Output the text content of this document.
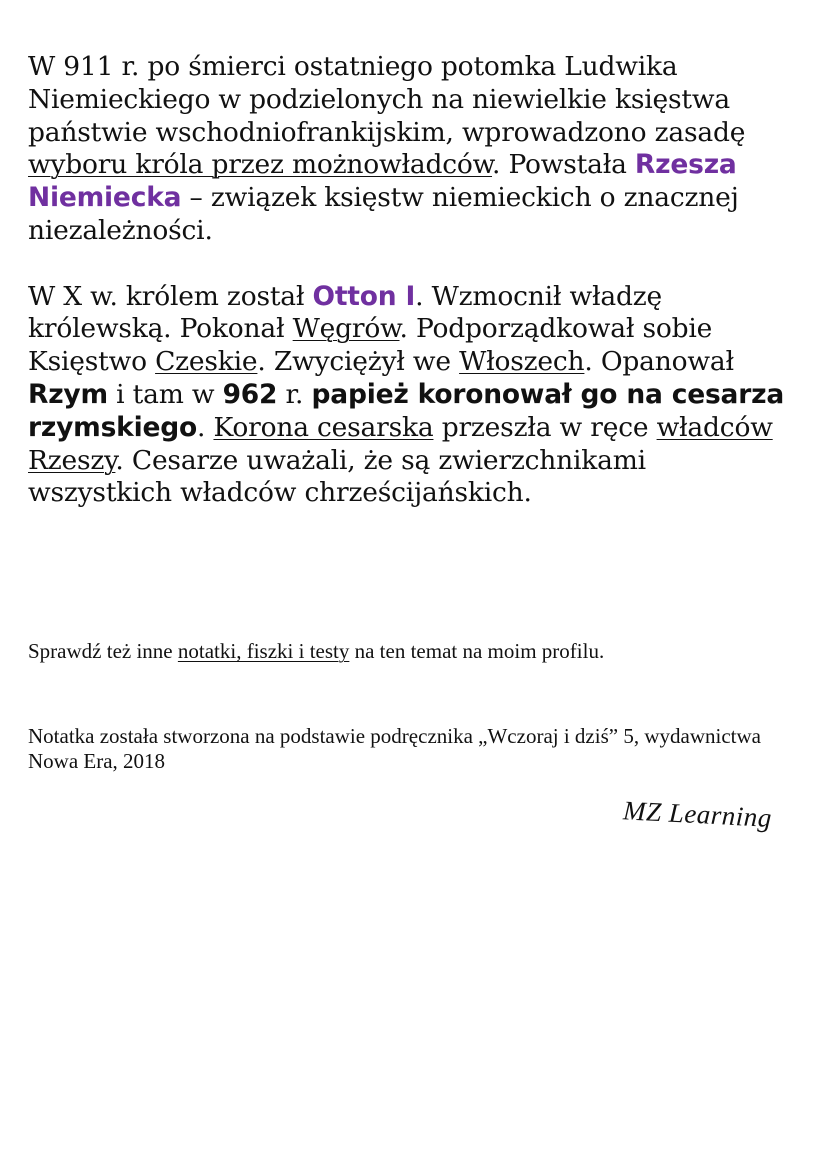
W 911 r. po śmierci ostatniego potomka Ludwika Niemieckiego w podzielonych na niewielkie księstwa państwie wschodniofrankijskim, wprowadzono zasadę wyboru króla przez możnowładców. Powstała Rzesza Niemiecka – związek księstw niemieckich o znacznej niezależności.

W X w. królem został Otton I. Wzmocnił władzę królewską. Pokonał Węgrów. Podporządkował sobie Księstwo Czeskie. Zwyciężył we Włoszech. Opanował Rzym i tam w 962 r. papież koronował go na cesarza rzymskiego. Korona cesarska przeszła w ręce władców Rzeszy. Cesarze uważali, że są zwierzchnikami wszystkich władców chrześcijańskich.

Sprawdź też inne notatki, fiszki i testy na ten temat na moim profilu.
Notatka została stworzona na podstawie podręcznika „Wczoraj i dziś” 5, wydawnictwa Nowa Era, 2018
MZ Learning
